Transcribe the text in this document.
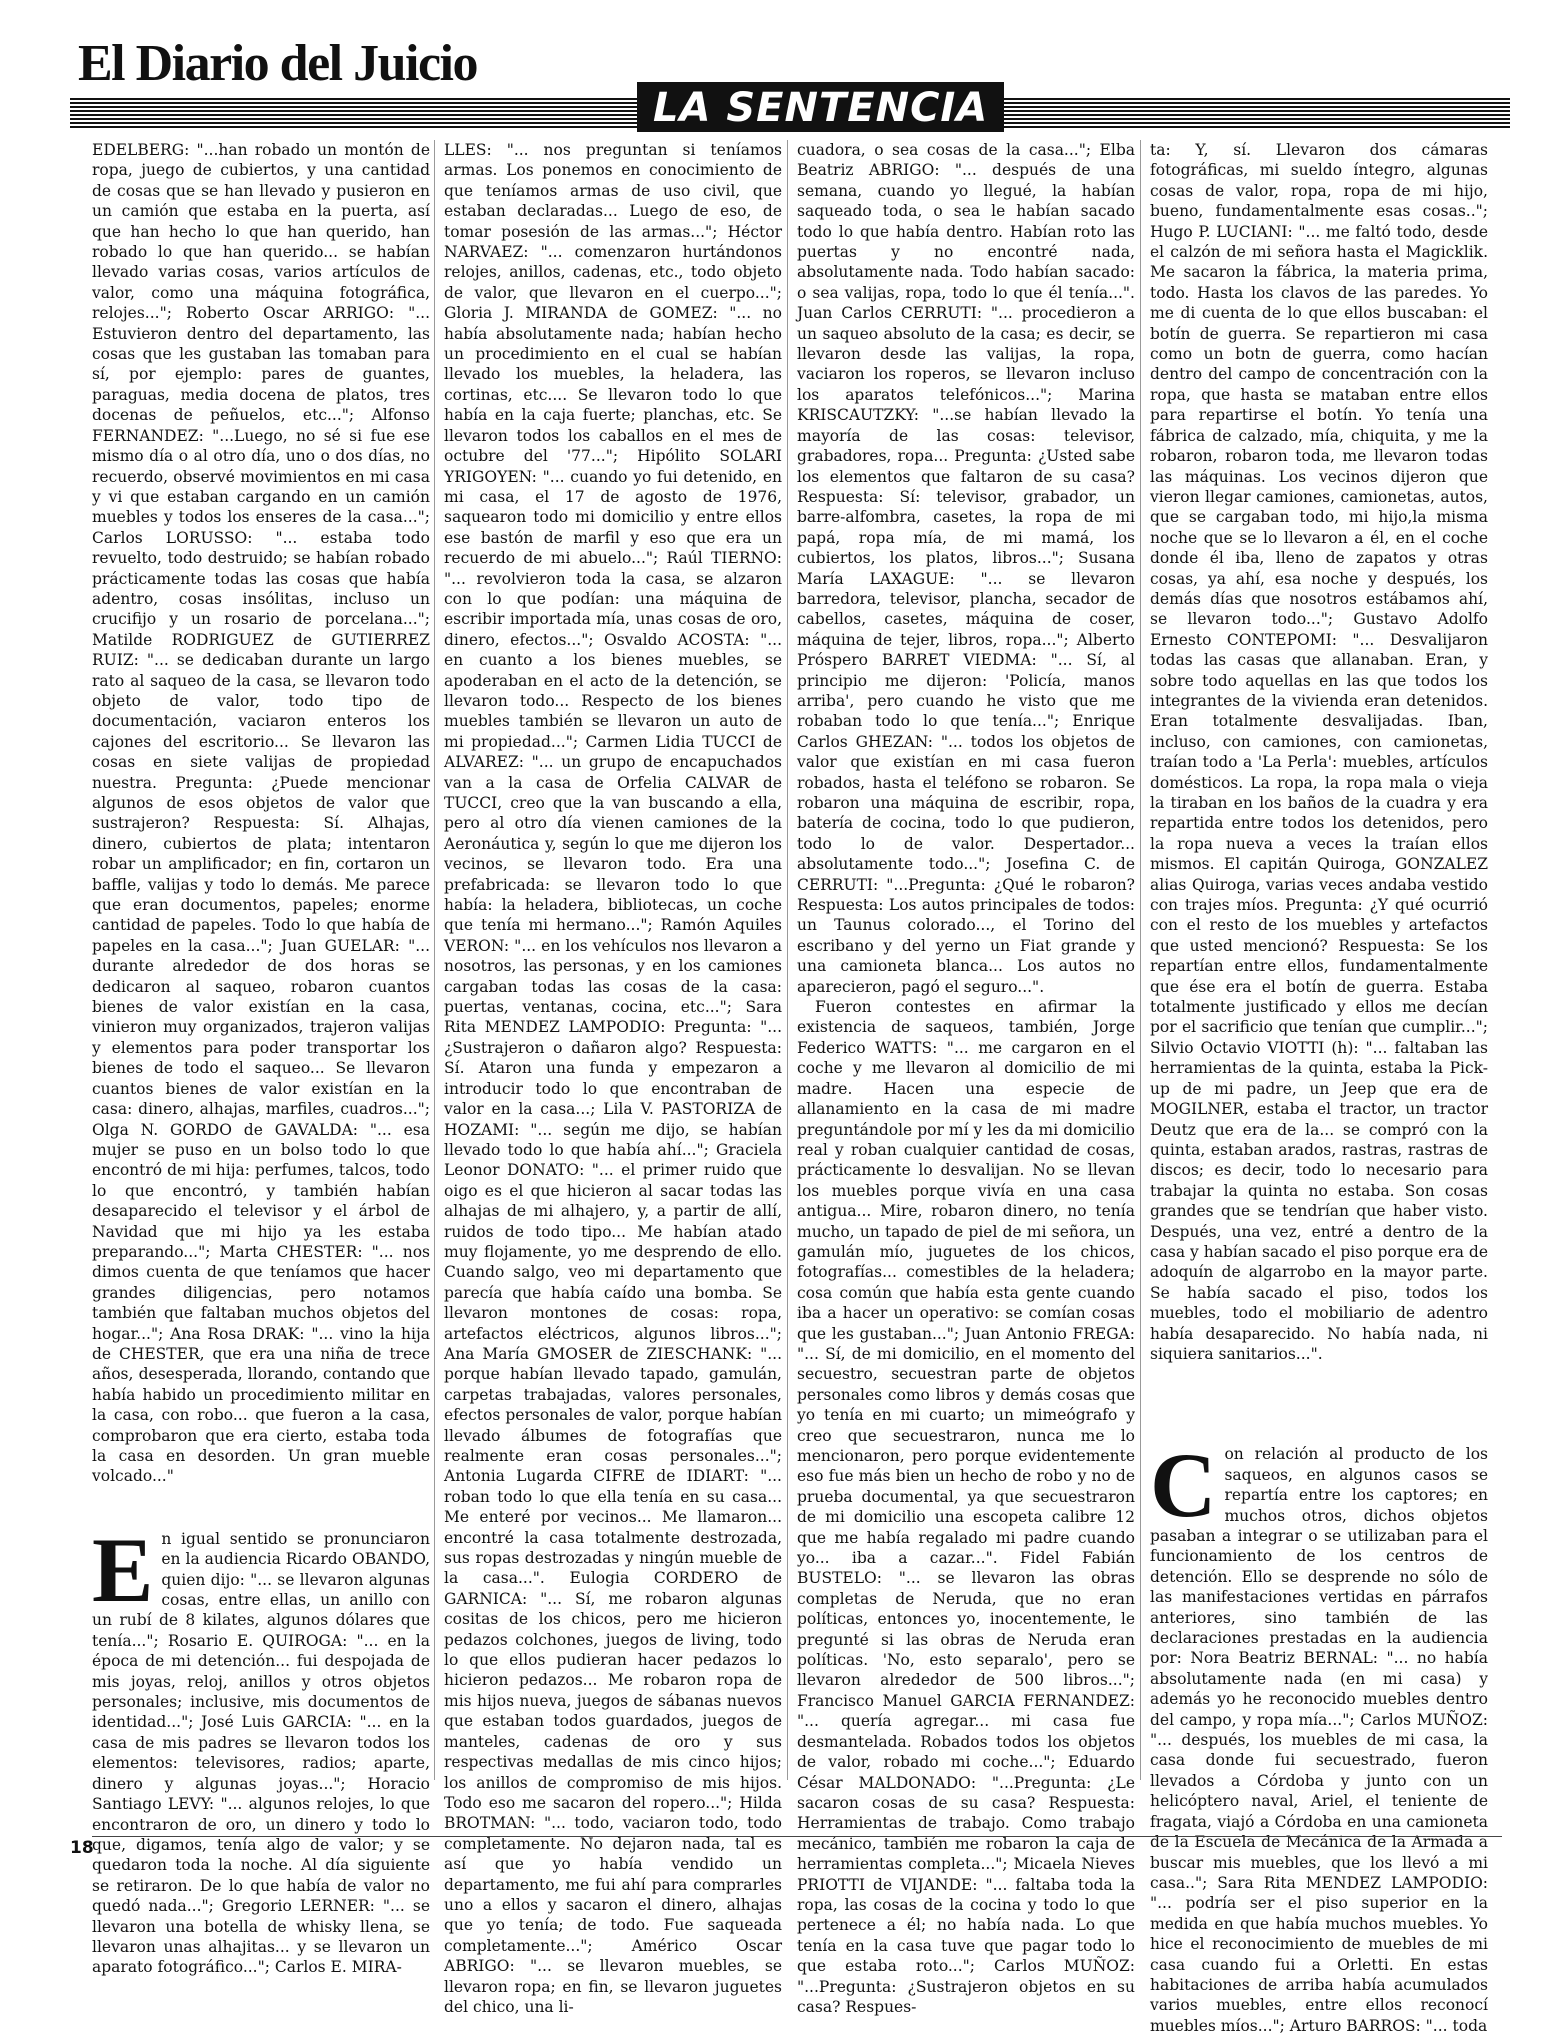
El Diario del Juicio
LA SENTENCIA

EDELBERG: "...han robado un montón de ropa, juego de cubiertos, y una cantidad de cosas que se han llevado y pusieron en un camión que estaba en la puerta, así que han hecho lo que han querido, han robado lo que han querido... se habían llevado varias cosas, varios artículos de valor, como una máquina fotográfica, relojes..."; Roberto Oscar ARRIGO: "... Estuvieron dentro del departamento, las cosas que les gustaban las tomaban para sí, por ejemplo: pares de guantes, paraguas, media docena de platos, tres docenas de peñuelos, etc..."; Alfonso FERNANDEZ: "...Luego, no sé si fue ese mismo día o al otro día, uno o dos días, no recuerdo, observé movimientos en mi casa y vi que estaban cargando en un camión muebles y todos los enseres de la casa..."; Carlos LORUSSO: "... estaba todo revuelto, todo destruido; se habían robado prácticamente todas las cosas que había adentro, cosas insólitas, incluso un crucifijo y un rosario de porcelana..."; Matilde RODRIGUEZ de GUTIERREZ RUIZ: "... se dedicaban durante un largo rato al saqueo de la casa, se llevaron todo objeto de valor, todo tipo de documentación, vaciaron enteros los cajones del escritorio... Se llevaron las cosas en siete valijas de propiedad nuestra. Pregunta: ¿Puede mencionar algunos de esos objetos de valor que sustrajeron? Respuesta: Sí. Alhajas, dinero, cubiertos de plata; intentaron robar un amplificador; en fin, cortaron un baffle, valijas y todo lo demás. Me parece que eran documentos, papeles; enorme cantidad de papeles. Todo lo que había de papeles en la casa..."; Juan GUELAR: "... durante alrededor de dos horas se dedicaron al saqueo, robaron cuantos bienes de valor existían en la casa, vinieron muy organizados, trajeron valijas y elementos para poder transportar los bienes de todo el saqueo... Se llevaron cuantos bienes de valor existían en la casa: dinero, alhajas, marfiles, cuadros..."; Olga N. GORDO de GAVALDA: "... esa mujer se puso en un bolso todo lo que encontró de mi hija: perfumes, talcos, todo lo que encontró, y también habían desaparecido el televisor y el árbol de Navidad que mi hijo ya les estaba preparando..."; Marta CHESTER: "... nos dimos cuenta de que teníamos que hacer grandes diligencias, pero notamos también que faltaban muchos objetos del hogar..."; Ana Rosa DRAK: "... vino la hija de CHESTER, que era una niña de trece años, desesperada, llorando, contando que había habido un procedimiento militar en la casa, con robo... que fueron a la casa, comprobaron que era cierto, estaba toda la casa en desorden. Un gran mueble volcado..."

En igual sentido se pronunciaron en la audiencia Ricardo OBANDO, quien dijo: "... se llevaron algunas cosas, entre ellas, un anillo con un rubí de 8 kilates, algunos dólares que tenía..."; Rosario E. QUIROGA: "... en la época de mi detención... fui despojada de mis joyas, reloj, anillos y otros objetos personales; inclusive, mis documentos de identidad..."; José Luis GARCIA: "... en la casa de mis padres se llevaron todos los elementos: televisores, radios; aparte, dinero y algunas joyas..."; Horacio Santiago LEVY: "... algunos relojes, lo que encontraron de oro, un dinero y todo lo que, digamos, tenía algo de valor; y se quedaron toda la noche. Al día siguiente se retiraron. De lo que había de valor no quedó nada..."; Gregorio LERNER: "... se llevaron una botella de whisky llena, se llevaron unas alhajitas... y se llevaron un aparato fotográfico..."; Carlos E. MIRA-

LLES: "... nos preguntan si teníamos armas. Los ponemos en conocimiento de que teníamos armas de uso civil, que estaban declaradas... Luego de eso, de tomar posesión de las armas..."; Héctor NARVAEZ: "... comenzaron hurtándonos relojes, anillos, cadenas, etc., todo objeto de valor, que llevaron en el cuerpo..."; Gloria J. MIRANDA de GOMEZ: "... no había absolutamente nada; habían hecho un procedimiento en el cual se habían llevado los muebles, la heladera, las cortinas, etc.... Se llevaron todo lo que había en la caja fuerte; planchas, etc. Se llevaron todos los caballos en el mes de octubre del '77..."; Hipólito SOLARI YRIGOYEN: "... cuando yo fui detenido, en mi casa, el 17 de agosto de 1976, saquearon todo mi domicilio y entre ellos ese bastón de marfil y eso que era un recuerdo de mi abuelo..."; Raúl TIERNO: "... revolvieron toda la casa, se alzaron con lo que podían: una máquina de escribir importada mía, unas cosas de oro, dinero, efectos..."; Osvaldo ACOSTA: "... en cuanto a los bienes muebles, se apoderaban en el acto de la detención, se llevaron todo... Respecto de los bienes muebles también se llevaron un auto de mi propiedad..."; Carmen Lidia TUCCI de ALVAREZ: "... un grupo de encapuchados van a la casa de Orfelia CALVAR de TUCCI, creo que la van buscando a ella, pero al otro día vienen camiones de la Aeronáutica y, según lo que me dijeron los vecinos, se llevaron todo. Era una prefabricada: se llevaron todo lo que había: la heladera, bibliotecas, un coche que tenía mi hermano..."; Ramón Aquiles VERON: "... en los vehículos nos llevaron a nosotros, las personas, y en los camiones cargaban todas las cosas de la casa: puertas, ventanas, cocina, etc..."; Sara Rita MENDEZ LAMPODIO: Pregunta: "...¿Sustrajeron o dañaron algo? Respuesta: Sí. Ataron una funda y empezaron a introducir todo lo que encontraban de valor en la casa...; Lila V. PASTORIZA de HOZAMI: "... según me dijo, se habían llevado todo lo que había ahí..."; Graciela Leonor DONATO: "... el primer ruido que oigo es el que hicieron al sacar todas las alhajas de mi alhajero, y, a partir de allí, ruidos de todo tipo... Me habían atado muy flojamente, yo me desprendo de ello. Cuando salgo, veo mi departamento que parecía que había caído una bomba. Se llevaron montones de cosas: ropa, artefactos eléctricos, algunos libros..."; Ana María GMOSER de ZIESCHANK: "... porque habían llevado tapado, gamulán, carpetas trabajadas, valores personales, efectos personales de valor, porque habían llevado álbumes de fotografías que realmente eran cosas personales..."; Antonia Lugarda CIFRE de IDIART: "... roban todo lo que ella tenía en su casa... Me enteré por vecinos... Me llamaron... encontré la casa totalmente destrozada, sus ropas destrozadas y ningún mueble de la casa...". Eulogia CORDERO de GARNICA: "... Sí, me robaron algunas cositas de los chicos, pero me hicieron pedazos colchones, juegos de living, todo lo que ellos pudieran hacer pedazos lo hicieron pedazos... Me robaron ropa de mis hijos nueva, juegos de sábanas nuevos que estaban todos guardados, juegos de manteles, cadenas de oro y sus respectivas medallas de mis cinco hijos; los anillos de compromiso de mis hijos. Todo eso me sacaron del ropero..."; Hilda BROTMAN: "... todo, vaciaron todo, todo completamente. No dejaron nada, tal es así que yo había vendido un departamento, me fui ahí para comprarles uno a ellos y sacaron el dinero, alhajas que yo tenía; de todo. Fue saqueada completamente..."; Américo Oscar ABRIGO: "... se llevaron muebles, se llevaron ropa; en fin, se llevaron juguetes del chico, una li-

cuadora, o sea cosas de la casa..."; Elba Beatriz ABRIGO: "... después de una semana, cuando yo llegué, la habían saqueado toda, o sea le habían sacado todo lo que había dentro. Habían roto las puertas y no encontré nada, absolutamente nada. Todo habían sacado: o sea valijas, ropa, todo lo que él tenía...". Juan Carlos CERRUTI: "... procedieron a un saqueo absoluto de la casa; es decir, se llevaron desde las valijas, la ropa, vaciaron los roperos, se llevaron incluso los aparatos telefónicos..."; Marina KRISCAUTZKY: "...se habían llevado la mayoría de las cosas: televisor, grabadores, ropa... Pregunta: ¿Usted sabe los elementos que faltaron de su casa? Respuesta: Sí: televisor, grabador, un barre-alfombra, casetes, la ropa de mi papá, ropa mía, de mi mamá, los cubiertos, los platos, libros..."; Susana María LAXAGUE: "... se llevaron barredora, televisor, plancha, secador de cabellos, casetes, máquina de coser, máquina de tejer, libros, ropa..."; Alberto Próspero BARRET VIEDMA: "... Sí, al principio me dijeron: 'Policía, manos arriba', pero cuando he visto que me robaban todo lo que tenía..."; Enrique Carlos GHEZAN: "... todos los objetos de valor que existían en mi casa fueron robados, hasta el teléfono se robaron. Se robaron una máquina de escribir, ropa, batería de cocina, todo lo que pudieron, todo lo de valor. Despertador... absolutamente todo..."; Josefina C. de CERRUTI: "...Pregunta: ¿Qué le robaron? Respuesta: Los autos principales de todos: un Taunus colorado..., el Torino del escribano y del yerno un Fiat grande y una camioneta blanca... Los autos no aparecieron, pagó el seguro...".

Fueron contestes en afirmar la existencia de saqueos, también, Jorge Federico WATTS: "... me cargaron en el coche y me llevaron al domicilio de mi madre. Hacen una especie de allanamiento en la casa de mi madre preguntándole por mí y les da mi domicilio real y roban cualquier cantidad de cosas, prácticamente lo desvalijan. No se llevan los muebles porque vivía en una casa antigua... Mire, robaron dinero, no tenía mucho, un tapado de piel de mi señora, un gamulán mío, juguetes de los chicos, fotografías... comestibles de la heladera; cosa común que había esta gente cuando iba a hacer un operativo: se comían cosas que les gustaban..."; Juan Antonio FREGA: "... Sí, de mi domicilio, en el momento del secuestro, secuestran parte de objetos personales como libros y demás cosas que yo tenía en mi cuarto; un mimeógrafo y creo que secuestraron, nunca me lo mencionaron, pero porque evidentemente eso fue más bien un hecho de robo y no de prueba documental, ya que secuestraron de mi domicilio una escopeta calibre 12 que me había regalado mi padre cuando yo... iba a cazar...". Fidel Fabián BUSTELO: "... se llevaron las obras completas de Neruda, que no eran políticas, entonces yo, inocentemente, le pregunté si las obras de Neruda eran políticas. 'No, esto separalo', pero se llevaron alrededor de 500 libros..."; Francisco Manuel GARCIA FERNANDEZ: "... quería agregar... mi casa fue desmantelada. Robados todos los objetos de valor, robado mi coche..."; Eduardo César MALDONADO: "...Pregunta: ¿Le sacaron cosas de su casa? Respuesta: Herramientas de trabajo. Como trabajo mecánico, también me robaron la caja de herramientas completa..."; Micaela Nieves PRIOTTI de VIJANDE: "... faltaba toda la ropa, las cosas de la cocina y todo lo que pertenece a él; no había nada. Lo que tenía en la casa tuve que pagar todo lo que estaba roto..."; Carlos MUÑOZ: "...Pregunta: ¿Sustrajeron objetos en su casa? Respues-

ta: Y, sí. Llevaron dos cámaras fotográficas, mi sueldo íntegro, algunas cosas de valor, ropa, ropa de mi hijo, bueno, fundamentalmente esas cosas.."; Hugo P. LUCIANI: "... me faltó todo, desde el calzón de mi señora hasta el Magicklik. Me sacaron la fábrica, la materia prima, todo. Hasta los clavos de las paredes. Yo me di cuenta de lo que ellos buscaban: el botín de guerra. Se repartieron mi casa como un botn de guerra, como hacían dentro del campo de concentración con la ropa, que hasta se mataban entre ellos para repartirse el botín. Yo tenía una fábrica de calzado, mía, chiquita, y me la robaron, robaron toda, me llevaron todas las máquinas. Los vecinos dijeron que vieron llegar camiones, camionetas, autos, que se cargaban todo, mi hijo,la misma noche que se lo llevaron a él, en el coche donde él iba, lleno de zapatos y otras cosas, ya ahí, esa noche y después, los demás días que nosotros estábamos ahí, se llevaron todo..."; Gustavo Adolfo Ernesto CONTEPOMI: "... Desvalijaron todas las casas que allanaban. Eran, y sobre todo aquellas en las que todos los integrantes de la vivienda eran detenidos. Eran totalmente desvalijadas. Iban, incluso, con camiones, con camionetas, traían todo a 'La Perla': muebles, artículos domésticos. La ropa, la ropa mala o vieja la tiraban en los baños de la cuadra y era repartida entre todos los detenidos, pero la ropa nueva a veces la traían ellos mismos. El capitán Quiroga, GONZALEZ alias Quiroga, varias veces andaba vestido con trajes míos. Pregunta: ¿Y qué ocurrió con el resto de los muebles y artefactos que usted mencionó? Respuesta: Se los repartían entre ellos, fundamentalmente que ése era el botín de guerra. Estaba totalmente justificado y ellos me decían por el sacrificio que tenían que cumplir..."; Silvio Octavio VIOTTI (h): "... faltaban las herramientas de la quinta, estaba la Pick-up de mi padre, un Jeep que era de MOGILNER, estaba el tractor, un tractor Deutz que era de la... se compró con la quinta, estaban arados, rastras, rastras de discos; es decir, todo lo necesario para trabajar la quinta no estaba. Son cosas grandes que se tendrían que haber visto. Después, una vez, entré a dentro de la casa y habían sacado el piso porque era de adoquín de algarrobo en la mayor parte. Se había sacado el piso, todos los muebles, todo el mobiliario de adentro había desaparecido. No había nada, ni siquiera sanitarios...".

Con relación al producto de los saqueos, en algunos casos se repartía entre los captores; en muchos otros, dichos objetos pasaban a integrar o se utilizaban para el funcionamiento de los centros de detención. Ello se desprende no sólo de las manifestaciones vertidas en párrafos anteriores, sino también de las declaraciones prestadas en la audiencia por: Nora Beatriz BERNAL: "... no había absolutamente nada (en mi casa) y además yo he reconocido muebles dentro del campo, y ropa mía..."; Carlos MUÑOZ: "... después, los muebles de mi casa, la casa donde fui secuestrado, fueron llevados a Córdoba y junto con un helicóptero naval, Ariel, el teniente de fragata, viajó a Córdoba en una camioneta de la Escuela de Mecánica de la Armada a buscar mis muebles, que los llevó a mi casa.."; Sara Rita MENDEZ LAMPODIO: "... podría ser el piso superior en la medida en que había muchos muebles. Yo hice el reconocimiento de muebles de mi casa cuando fui a Orletti. En estas habitaciones de arriba había acumulados varios muebles, entre ellos reconocí muebles míos..."; Arturo BARROS: "... toda

18
